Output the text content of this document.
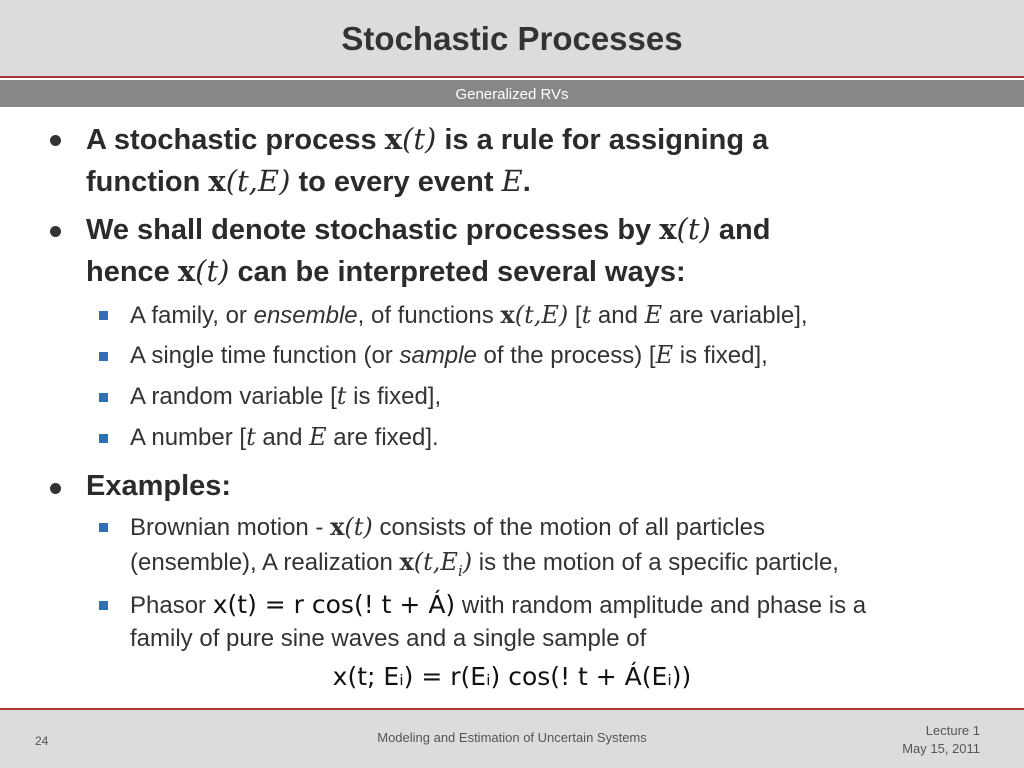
Stochastic Processes
Generalized RVs
A stochastic process x(t) is a rule for assigning a
function x(t,E) to every event E.
We shall denote stochastic processes by x(t) and
hence x(t) can be interpreted several ways:
A family, or ensemble, of functions x(t,E) [t and E are variable],
A single time function (or sample of the process) [E is fixed],
A random variable [t is fixed],
A number [t and E are fixed].
Examples:
Brownian motion - x(t) consists of the motion of all particles
(ensemble), A realization $x(t,E_i)$ is the motion of a specific particle,
Phasor x(t) = r cos(! t + Á) with random amplitude and phase is a
family of pure sine waves and a single sample of
x(t; Eᵢ) = r(Eᵢ) cos(! t + Á(Eᵢ))
24	Modeling and Estimation of Uncertain Systems	Lecture 1
May 15, 2011
